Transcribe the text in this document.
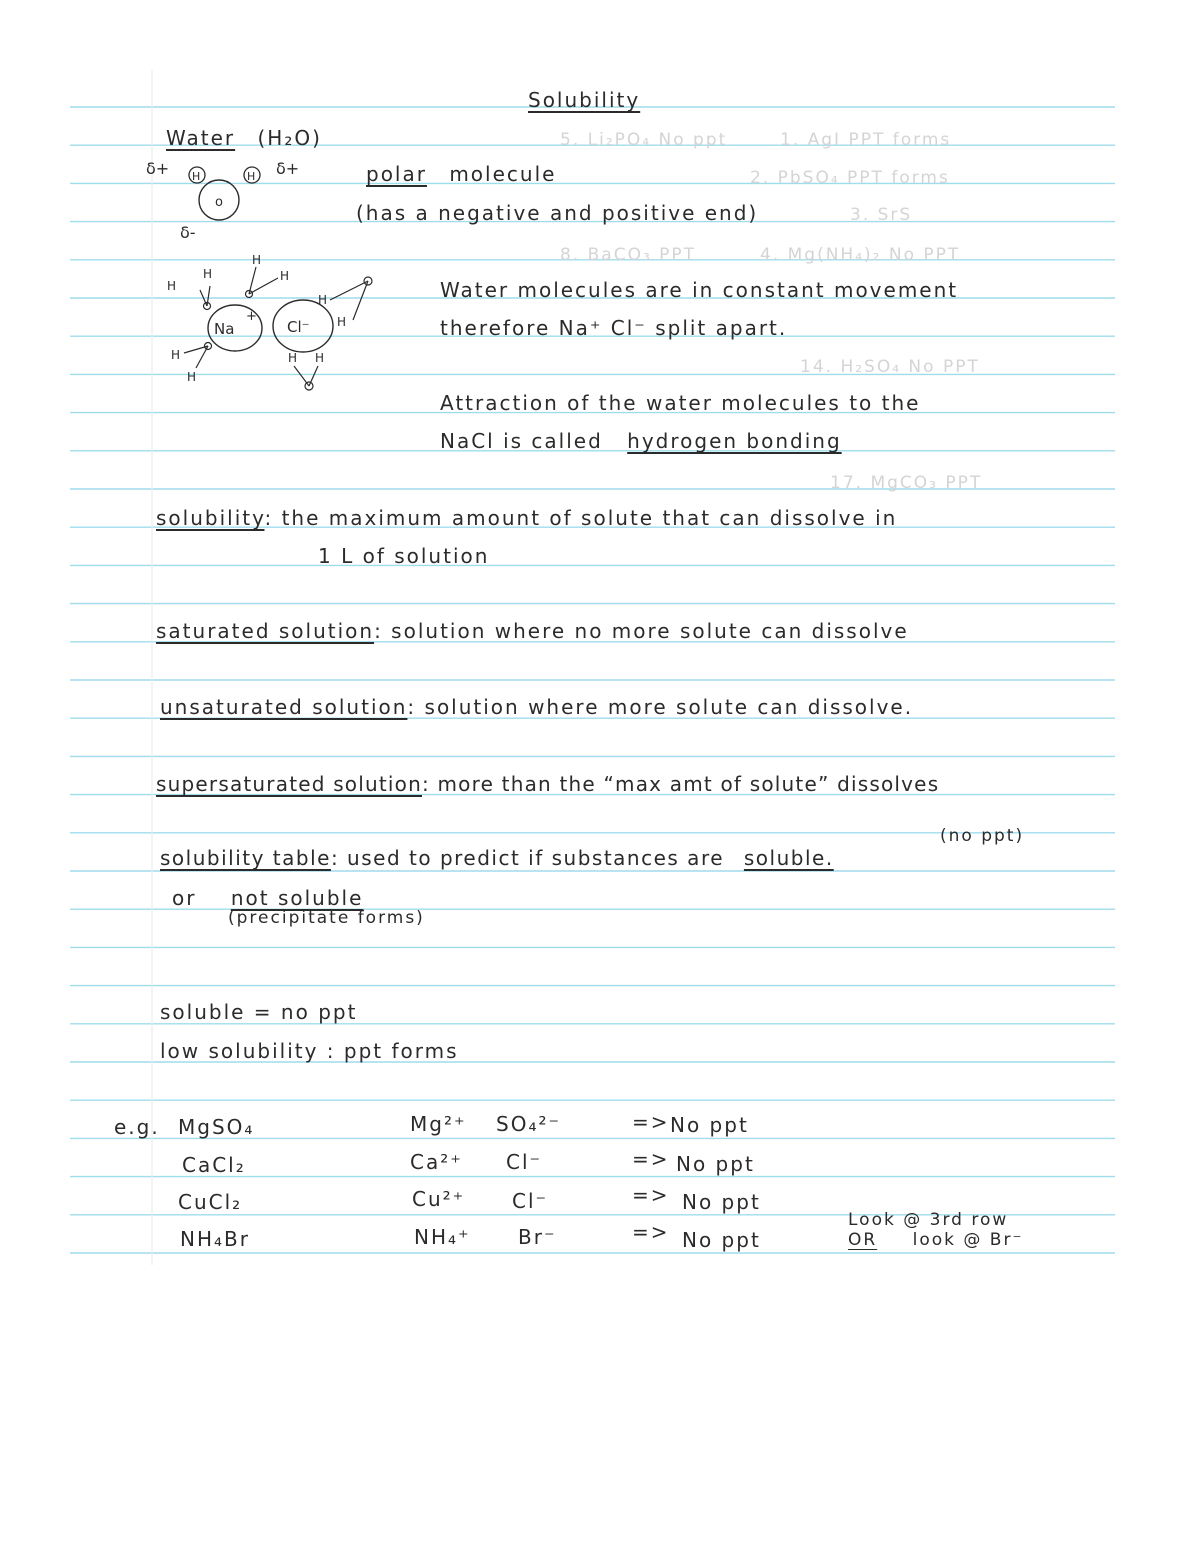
1. AgI PPT forms
5. Li₂PO₄ No ppt
2. PbSO₄ PPT forms
3. SrS
4. Mg(NH₄)₂ No PPT
8. BaCO₃ PPT
14. H₂SO₄ No PPT
17. MgCO₃ PPT
Solubility
Water (H₂O)
polar molecule
(has a negative and positive end)
δ+ H	H δ+
o
δ-
Na
+
H
H
H
H
H
H
Cl⁻
H
H
H H
Water molecules are in constant movement
therefore Na⁺ Cl⁻ split apart.
Attraction of the water molecules to the
NaCl is called hydrogen bonding
solubility: the maximum amount of solute that can dissolve in
1 L of solution
saturated solution: solution where no more solute can dissolve
unsaturated solution: solution where more solute can dissolve.
supersaturated solution: more than the “max amt of solute” dissolves
(no ppt)
solubility table: used to predict if substances are soluble.
or not soluble
(precipitate forms)
soluble = no ppt
low solubility : ppt forms
e.g. MgSO₄	Mg²⁺ SO₄²⁻	=> No ppt
CaCl₂	Ca²⁺ Cl⁻	=> No ppt
CuCl₂	Cu²⁺ Cl⁻	=> No ppt
NH₄Br	NH₄⁺ Br⁻	=> No ppt
Look @ 3rd row
OR look @ Br⁻
